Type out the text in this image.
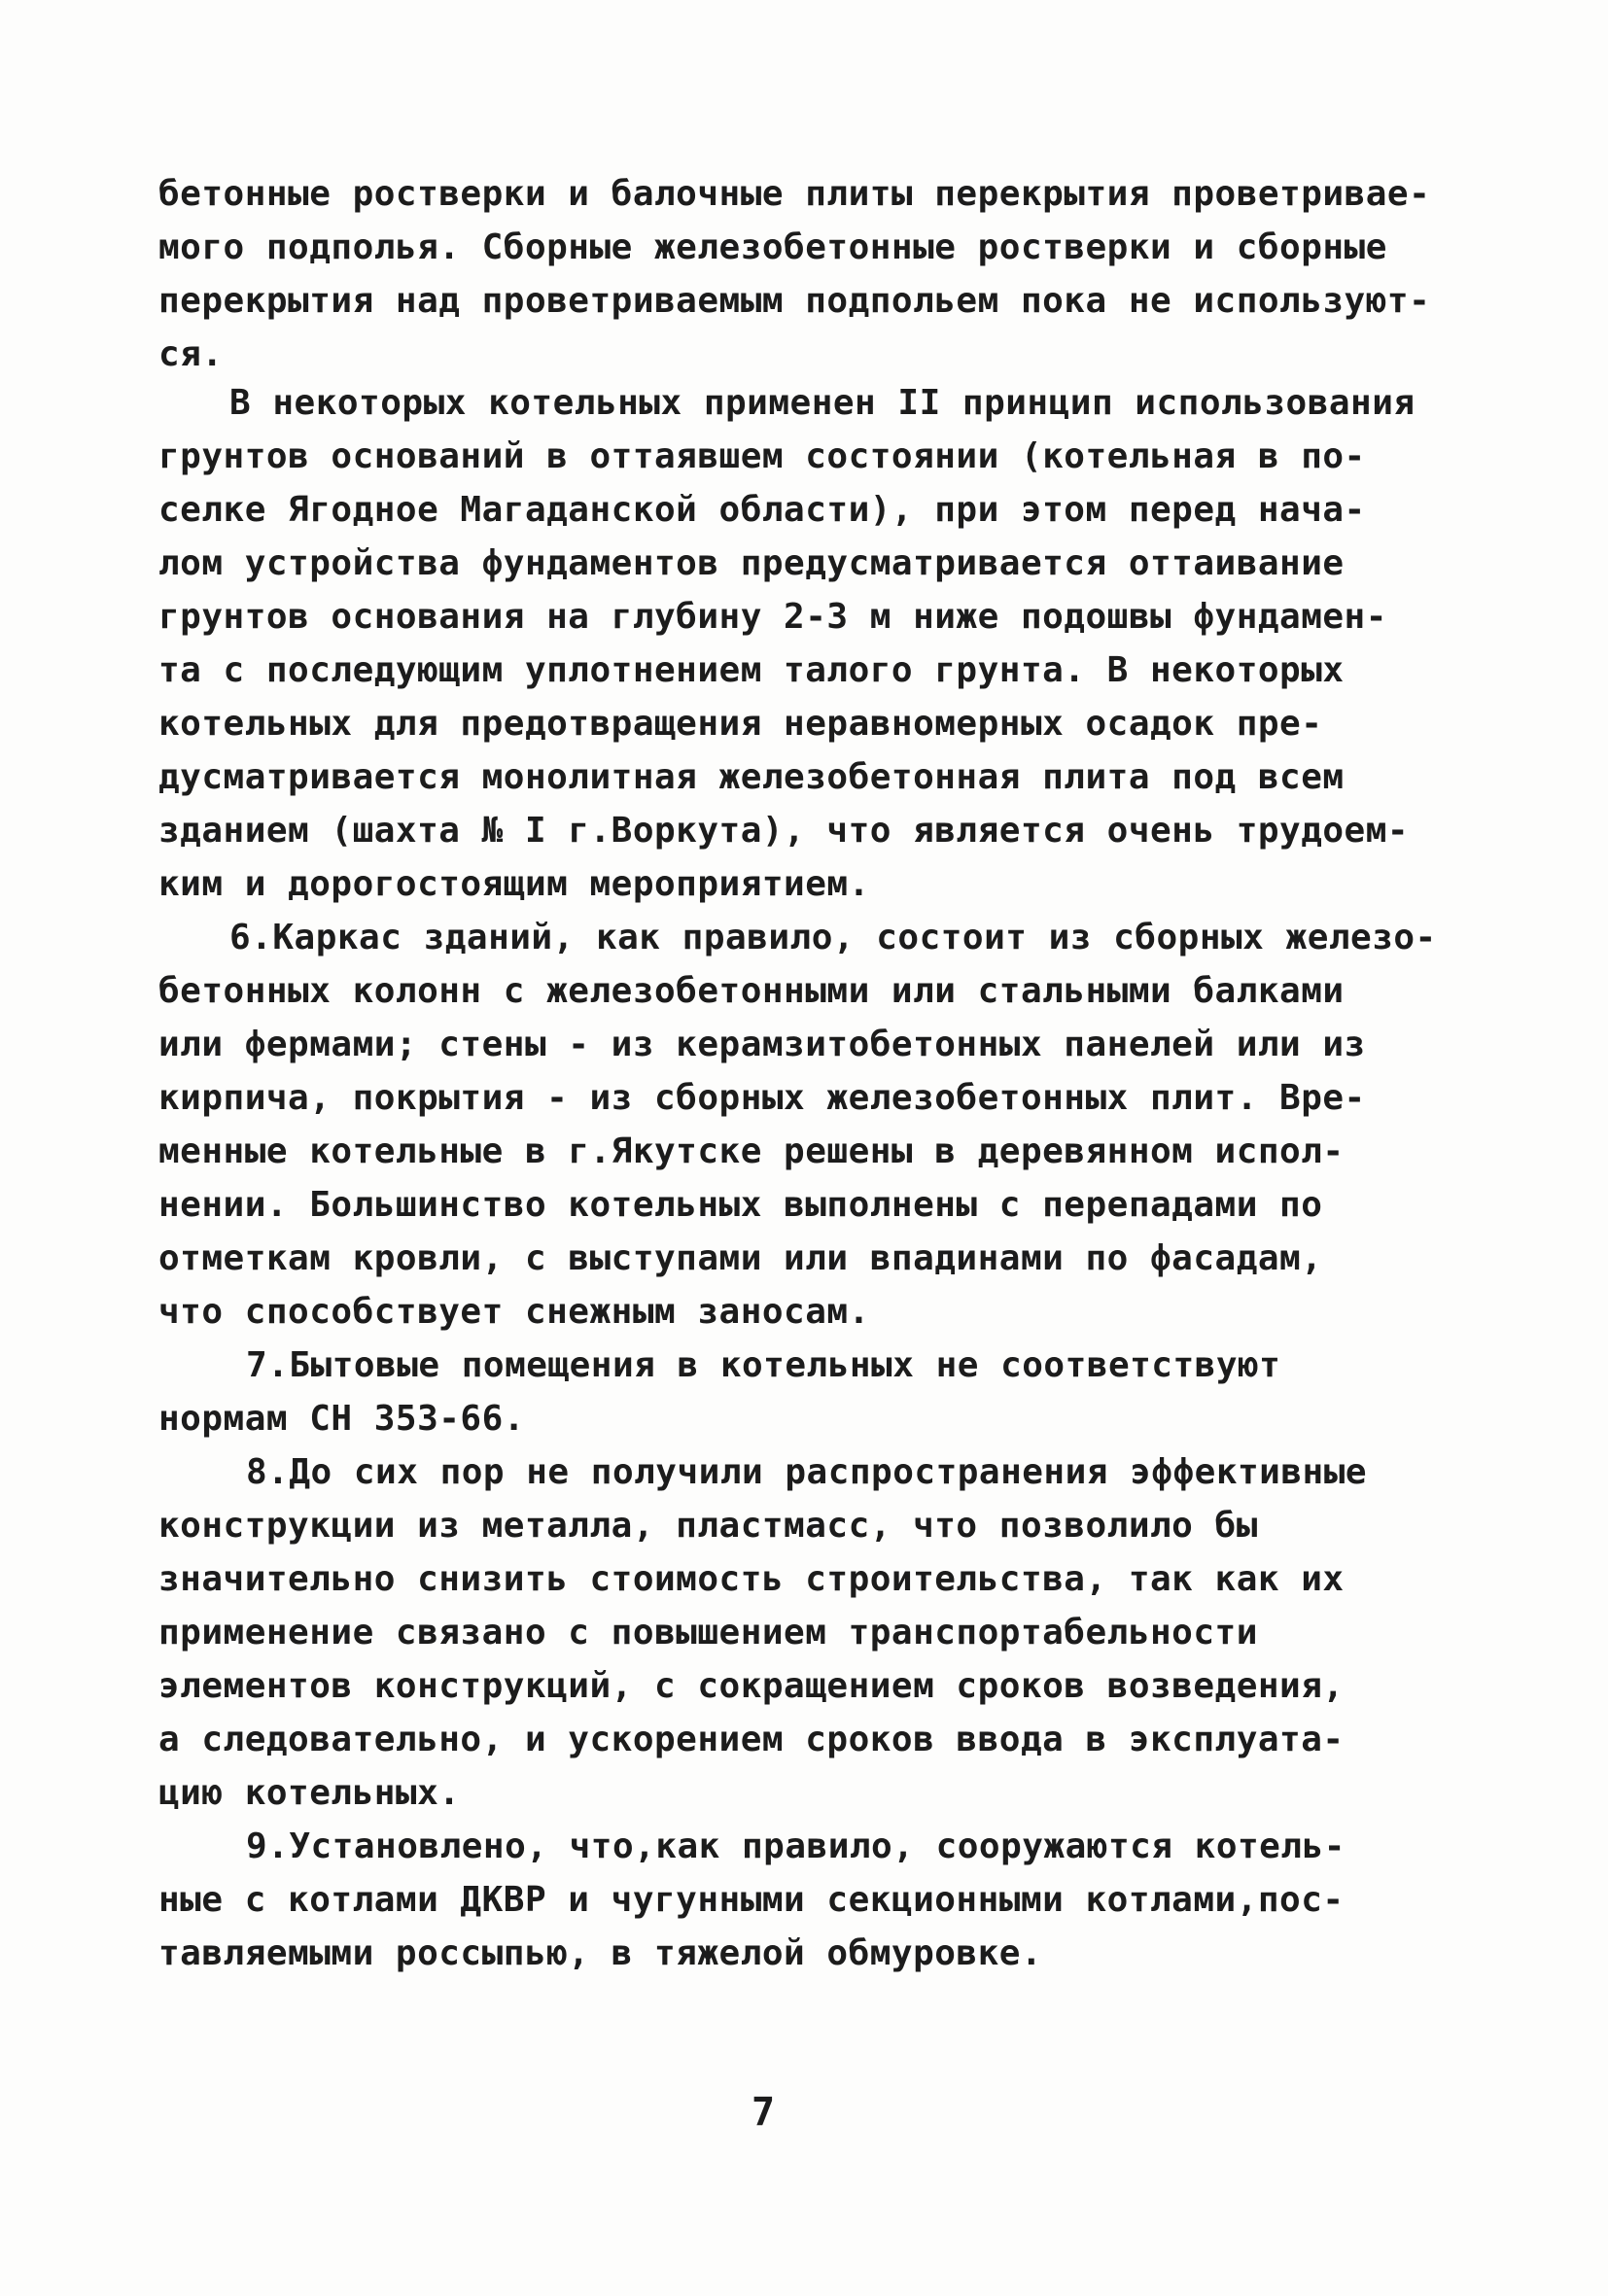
бетонные ростверки и балочные плиты перекрытия проветривае-

мого подполья. Сборные железобетонные ростверки и сборные

перекрытия над проветриваемым подпольем пока не используют-

ся.

В некоторых котельных применен II принцип использования

грунтов оснований в оттаявшем состоянии (котельная в по-

селке Ягодное Магаданской области), при этом перед нача-

лом устройства фундаментов предусматривается оттаивание

грунтов основания на глубину 2-3 м ниже подошвы фундамен-

та с последующим уплотнением талого грунта. В некоторых

котельных для предотвращения неравномерных осадок пре-

дусматривается монолитная железобетонная плита под всем

зданием (шахта № I г.Воркута), что является очень трудоем-

ким и дорогостоящим мероприятием.

6.Каркас зданий, как правило, состоит из сборных железо-

бетонных колонн с железобетонными или стальными балками

или фермами; стены - из керамзитобетонных панелей или из

кирпича, покрытия - из сборных железобетонных плит. Вре-

менные котельные в г.Якутске решены в деревянном испол-

нении. Большинство котельных выполнены с перепадами по

отметкам кровли, с выступами или впадинами по фасадам,

что способствует снежным заносам.

7.Бытовые помещения в котельных не соответствуют

нормам СН 353-66.

8.До сих пор не получили распространения эффективные

конструкции из металла, пластмасс, что позволило бы

значительно снизить стоимость строительства, так как их

применение связано с повышением транспортабельности

элементов конструкций, с сокращением сроков возведения,

а следовательно, и ускорением сроков ввода в эксплуата-

цию котельных.

9.Установлено, что,как правило, сооружаются котель-

ные с котлами ДКВР и чугунными секционными котлами,пос-

тавляемыми россыпью, в тяжелой обмуровке.

7
